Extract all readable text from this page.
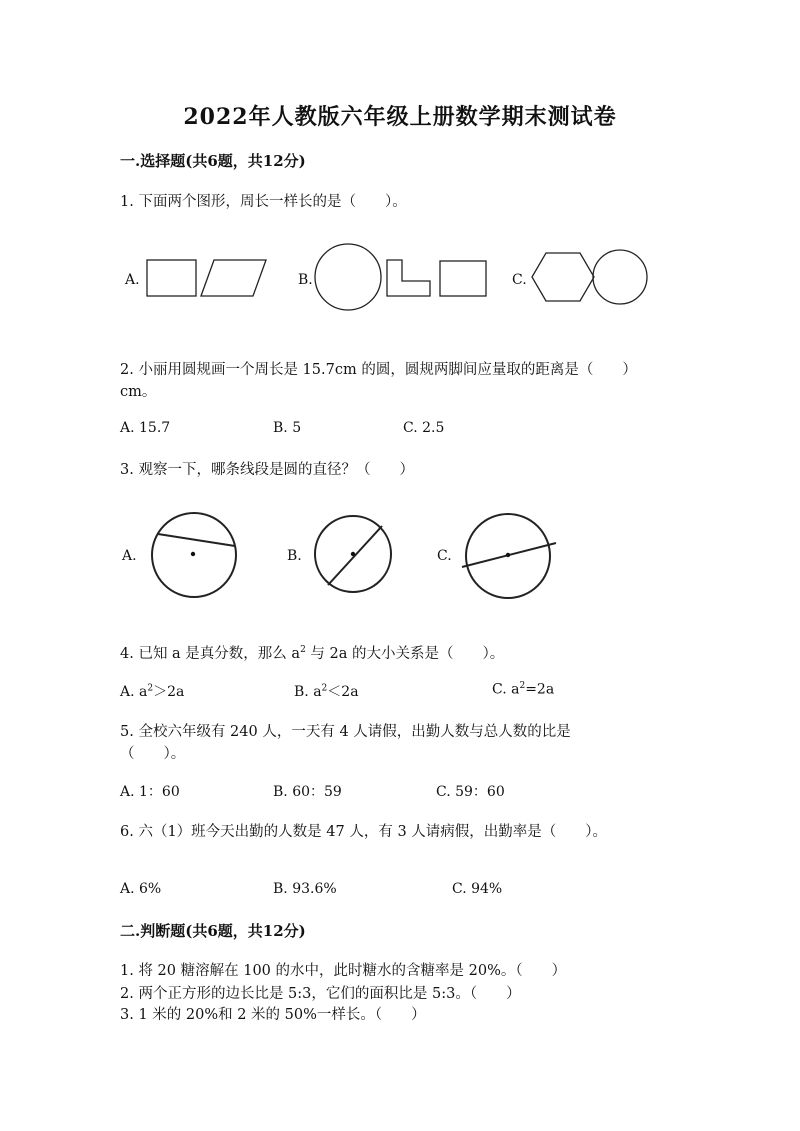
2022年人教版六年级上册数学期末测试卷
一.选择题(共6题，共12分)
1. 下面两个图形，周长一样长的是（　　）。
A.	B.	C.
2. 小丽用圆规画一个周长是 15.7cm 的圆，圆规两脚间应量取的距离是（　　）
cm。
A. 15.7	B. 5	C. 2.5
3. 观察一下，哪条线段是圆的直径？（　　）
A.	B.	C.
4. 已知 a 是真分数，那么 $a^2$ 与 2a 的大小关系是（　　）。
A. $a^2>2a$	B. $a^2<2a$	C. $a^2=2a$
5. 全校六年级有 240 人，一天有 4 人请假，出勤人数与总人数的比是
（　　）。
A. 1：60	B. 60：59	C. 59：60
6. 六（1）班今天出勤的人数是 47 人，有 3 人请病假，出勤率是（　　）。
A. 6%	B. 93.6%	C. 94%
二.判断题(共6题，共12分)
1. 将 20 糖溶解在 100 的水中，此时糖水的含糖率是 20%。（　　）
2. 两个正方形的边长比是 5:3，它们的面积比是 5:3。（　　）
3. 1 米的 20%和 2 米的 50%一样长。（　　）
